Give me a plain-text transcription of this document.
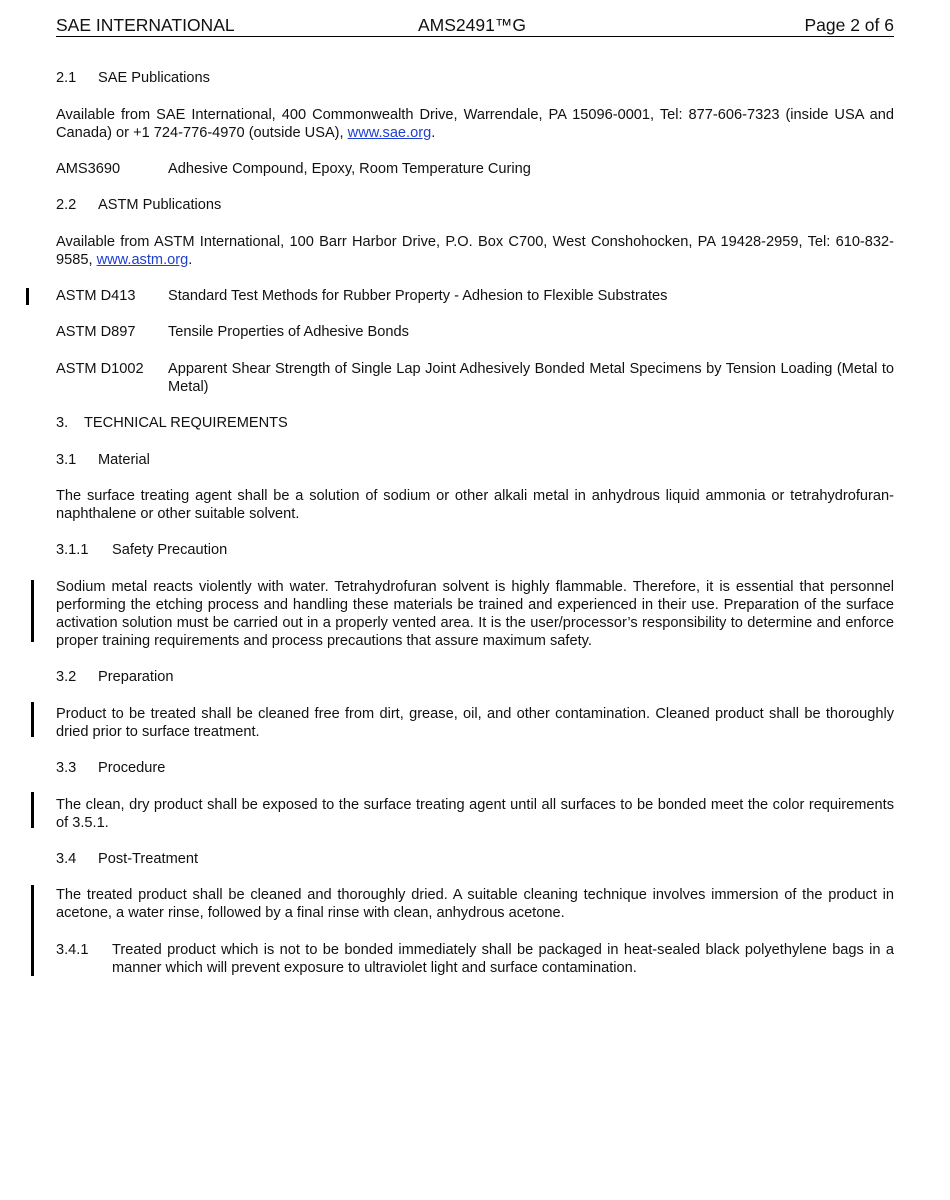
SAE INTERNATIONAL	AMS2491™G	Page 2 of 6
2.1 SAE Publications
Available from SAE International, 400 Commonwealth Drive, Warrendale, PA 15096-0001, Tel: 877-606-7323 (inside USA and Canada) or +1 724-776-4970 (outside USA), www.sae.org.
AMS3690	Adhesive Compound, Epoxy, Room Temperature Curing
2.2 ASTM Publications
Available from ASTM International, 100 Barr Harbor Drive, P.O. Box C700, West Conshohocken, PA 19428-2959, Tel: 610-832-9585, www.astm.org.
ASTM D413	Standard Test Methods for Rubber Property - Adhesion to Flexible Substrates
ASTM D897	Tensile Properties of Adhesive Bonds
ASTM D1002	Apparent Shear Strength of Single Lap Joint Adhesively Bonded Metal Specimens by Tension Loading (Metal to Metal)
3. TECHNICAL REQUIREMENTS
3.1 Material
The surface treating agent shall be a solution of sodium or other alkali metal in anhydrous liquid ammonia or tetrahydrofuran-naphthalene or other suitable solvent.
3.1.1 Safety Precaution
Sodium metal reacts violently with water. Tetrahydrofuran solvent is highly flammable. Therefore, it is essential that personnel performing the etching process and handling these materials be trained and experienced in their use. Preparation of the surface activation solution must be carried out in a properly vented area. It is the user/processor’s responsibility to determine and enforce proper training requirements and process precautions that assure maximum safety.
3.2 Preparation
Product to be treated shall be cleaned free from dirt, grease, oil, and other contamination. Cleaned product shall be thoroughly dried prior to surface treatment.
3.3 Procedure
The clean, dry product shall be exposed to the surface treating agent until all surfaces to be bonded meet the color requirements of 3.5.1.
3.4 Post-Treatment
The treated product shall be cleaned and thoroughly dried. A suitable cleaning technique involves immersion of the product in acetone, a water rinse, followed by a final rinse with clean, anhydrous acetone.
3.4.1	Treated product which is not to be bonded immediately shall be packaged in heat-sealed black polyethylene bags in a manner which will prevent exposure to ultraviolet light and surface contamination.
